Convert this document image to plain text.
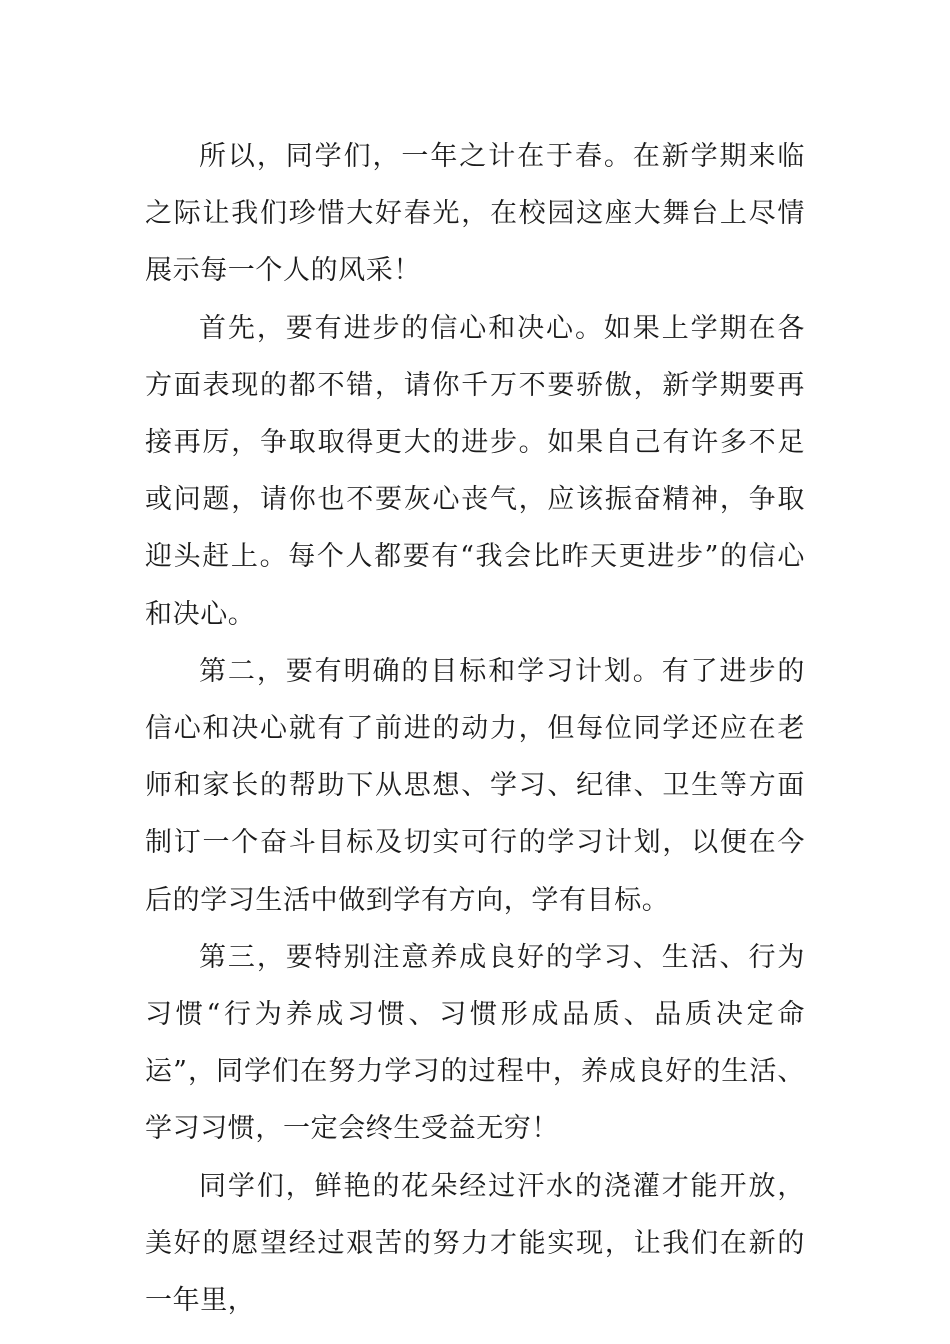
所以，同学们，一年之计在于春。在新学期来临之际让我们珍惜大好春光，在校园这座大舞台上尽情展示每一个人的风采！

首先，要有进步的信心和决心。如果上学期在各方面表现的都不错，请你千万不要骄傲，新学期要再接再厉，争取取得更大的进步。如果自己有许多不足或问题，请你也不要灰心丧气，应该振奋精神，争取迎头赶上。每个人都要有“我会比昨天更进步”的信心和决心。

第二，要有明确的目标和学习计划。有了进步的信心和决心就有了前进的动力，但每位同学还应在老师和家长的帮助下从思想、学习、纪律、卫生等方面制订一个奋斗目标及切实可行的学习计划，以便在今后的学习生活中做到学有方向，学有目标。

第三，要特别注意养成良好的学习、生活、行为习惯“行为养成习惯、习惯形成品质、品质决定命运”，同学们在努力学习的过程中，养成良好的生活、学习习惯，一定会终生受益无穷！

同学们，鲜艳的花朵经过汗水的浇灌才能开放，美好的愿望经过艰苦的努力才能实现，让我们在新的一年里，
